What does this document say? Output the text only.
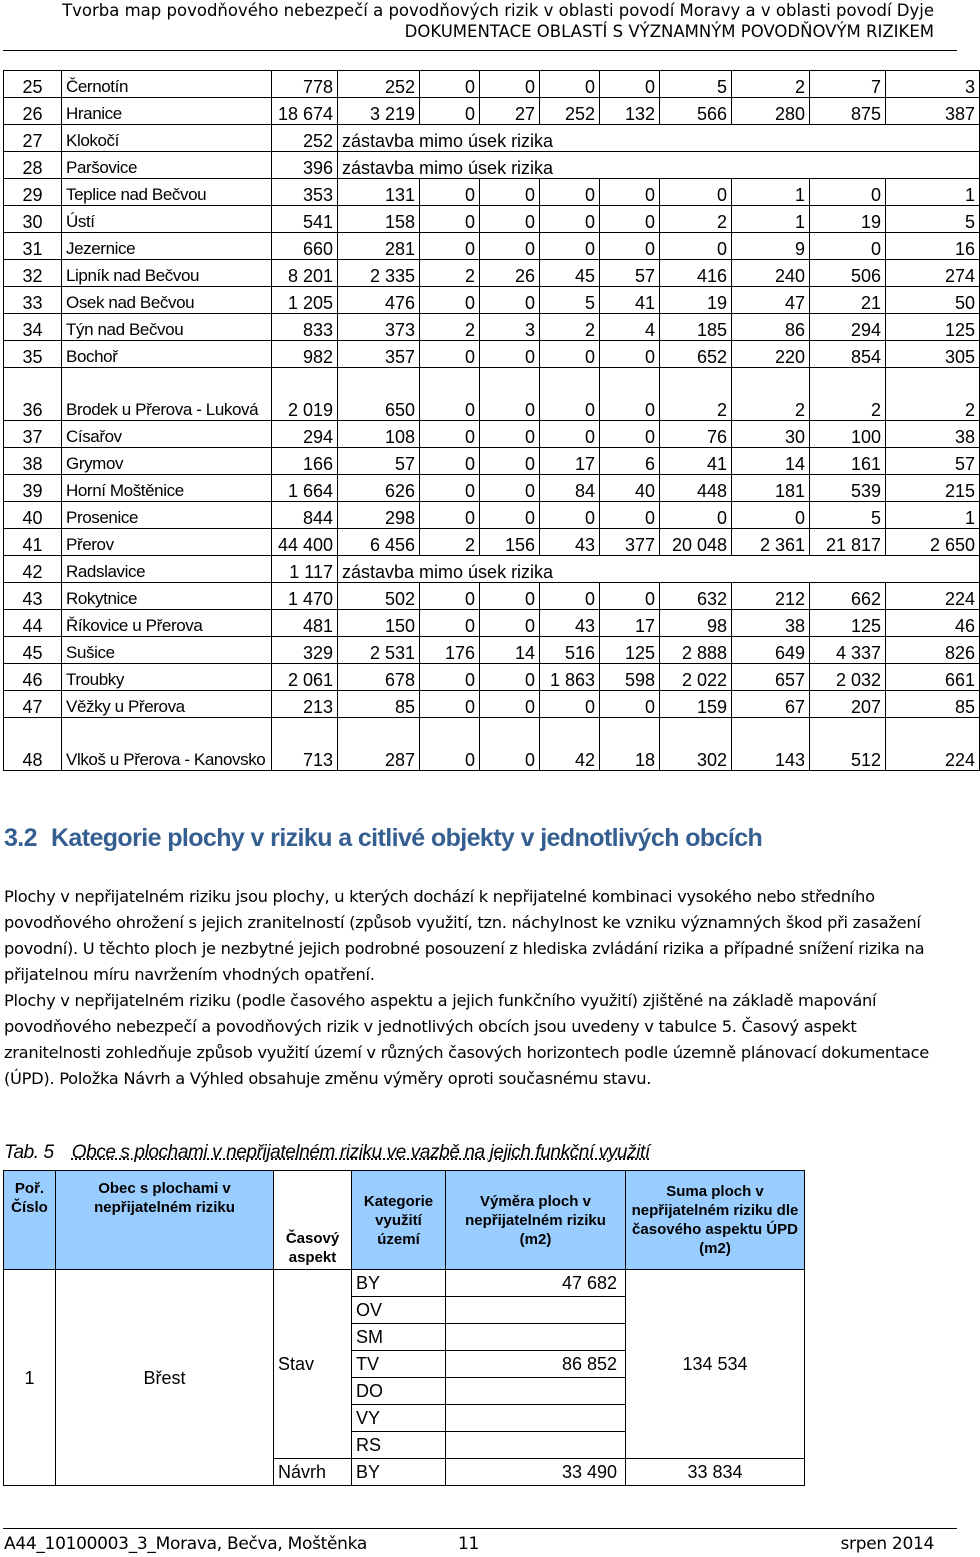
Tvorba map povodňového nebezpečí a povodňových rizik v oblasti povodí Moravy a v oblasti povodí Dyje
DOKUMENTACE OBLASTÍ S VÝZNAMNÝM POVODŇOVÝM RIZIKEM
25	Černotín	778	252	0	0	0	0	5	2	7	3
26	Hranice	18 674	3 219	0	27	252	132	566	280	875	387
27	Klokočí	252	zástavba mimo úsek rizika								
28	Paršovice	396	zástavba mimo úsek rizika								
29	Teplice nad Bečvou	353	131	0	0	0	0	0	1	0	1
30	Ústí	541	158	0	0	0	0	2	1	19	5
31	Jezernice	660	281	0	0	0	0	0	9	0	16
32	Lipník nad Bečvou	8 201	2 335	2	26	45	57	416	240	506	274
33	Osek nad Bečvou	1 205	476	0	0	5	41	19	47	21	50
34	Týn nad Bečvou	833	373	2	3	2	4	185	86	294	125
35	Bochoř	982	357	0	0	0	0	652	220	854	305
36	Brodek u Přerova - Luková	2 019	650	0	0	0	0	2	2	2	2
37	Císařov	294	108	0	0	0	0	76	30	100	38
38	Grymov	166	57	0	0	17	6	41	14	161	57
39	Horní Moštěnice	1 664	626	0	0	84	40	448	181	539	215
40	Prosenice	844	298	0	0	0	0	0	0	5	1
41	Přerov	44 400	6 456	2	156	43	377	20 048	2 361	21 817	2 650
42	Radslavice	1 117	zástavba mimo úsek rizika								
43	Rokytnice	1 470	502	0	0	0	0	632	212	662	224
44	Říkovice u Přerova	481	150	0	0	43	17	98	38	125	46
45	Sušice	329	2 531	176	14	516	125	2 888	649	4 337	826
46	Troubky	2 061	678	0	0	1 863	598	2 022	657	2 032	661
47	Věžky u Přerova	213	85	0	0	0	0	159	67	207	85
48	Vlkoš u Přerova - Kanovsko	713	287	0	0	42	18	302	143	512	224
3.2 Kategorie plochy v riziku a citlivé objekty v jednotlivých obcích
Plochy v nepřijatelném riziku jsou plochy, u kterých dochází k nepřijatelné kombinaci vysokého nebo středního povodňového ohrožení s jejich zranitelností (způsob využití, tzn. náchylnost ke vzniku významných škod při zasažení povodní). U těchto ploch je nezbytné jejich podrobné posouzení z hlediska zvládání rizika a případné snížení rizika na přijatelnou míru navržením vhodných opatření.
Plochy v nepřijatelném riziku (podle časového aspektu a jejich funkčního využití) zjištěné na základě mapování povodňového nebezpečí a povodňových rizik v jednotlivých obcích jsou uvedeny v tabulce 5. Časový aspekt zranitelnosti zohledňuje způsob využití území v různých časových horizontech podle územně plánovací dokumentace (ÚPD). Položka Návrh a Výhled obsahuje změnu výměry oproti současnému stavu.
Tab. 5 Obce s plochami v nepřijatelném riziku ve vazbě na jejich funkční využití
Poř. Číslo	Obec s plochami v nepřijatelném riziku	Časový aspekt	Kategorie využití území	Výměra ploch v nepřijatelném riziku (m2)	Suma ploch v nepřijatelném riziku dle časového aspektu ÚPD (m2)
1	Břest	Stav	BY	47 682	134 534
			OV		
			SM		
			TV	86 852	
			DO		
			VY		
			RS		
		Návrh	BY	33 490	33 834
A44_10100003_3_Morava, Bečva, Moštěnka	11	srpen 2014
